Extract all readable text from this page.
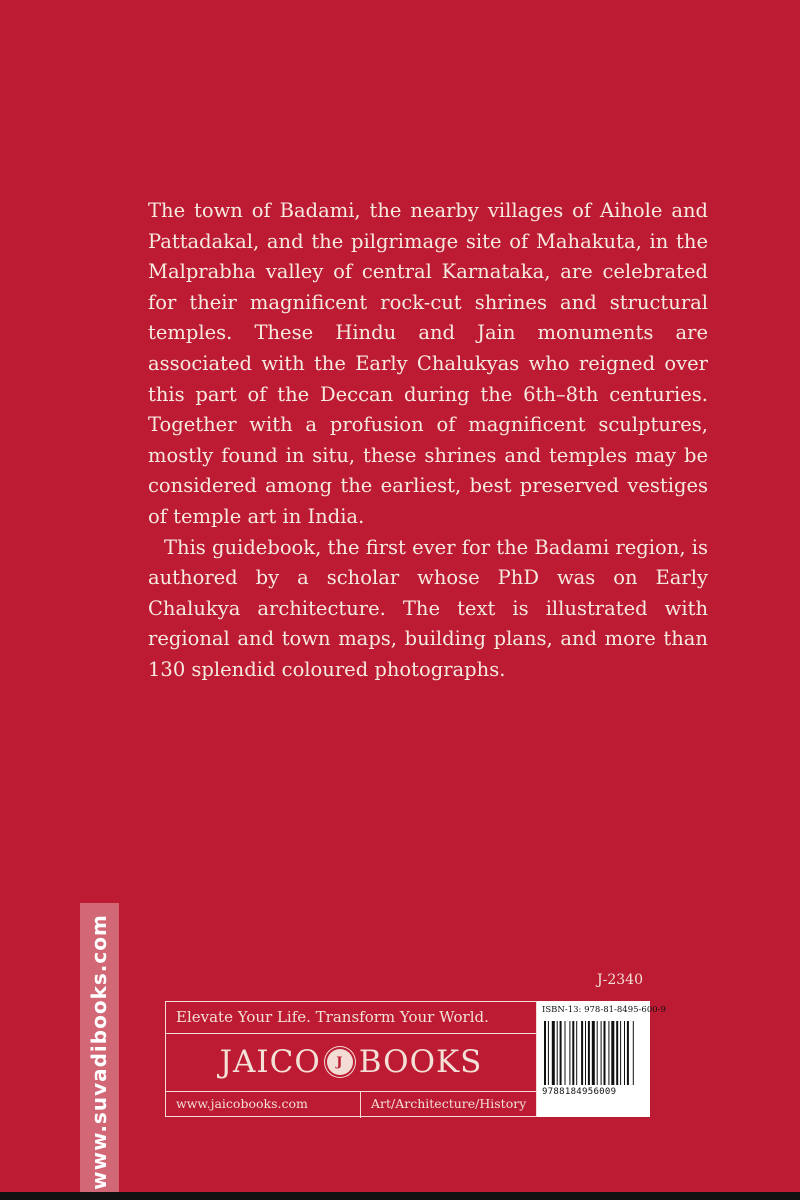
The town of Badami, the nearby villages of Aihole and Pattadakal, and the pilgrimage site of Mahakuta, in the Malprabha valley of central Karnataka, are celebrated for their magnificent rock-cut shrines and structural temples. These Hindu and Jain monuments are associated with the Early Chalukyas who reigned over this part of the Deccan during the 6th–8th centuries. Together with a profusion of magnificent sculptures, mostly found in situ, these shrines and temples may be considered among the earliest, best preserved vestiges of temple art in India.

This guidebook, the first ever for the Badami region, is authored by a scholar whose PhD was on Early Chalukya architecture. The text is illustrated with regional and town maps, building plans, and more than 130 splendid coloured photographs.

J-2340
Elevate Your Life. Transform Your World.
JAICO J BOOKS
www.jaicobooks.com	Art/Architecture/History
ISBN-13: 978-81-8495-600-9
9788184956009
www.suvadibooks.com
